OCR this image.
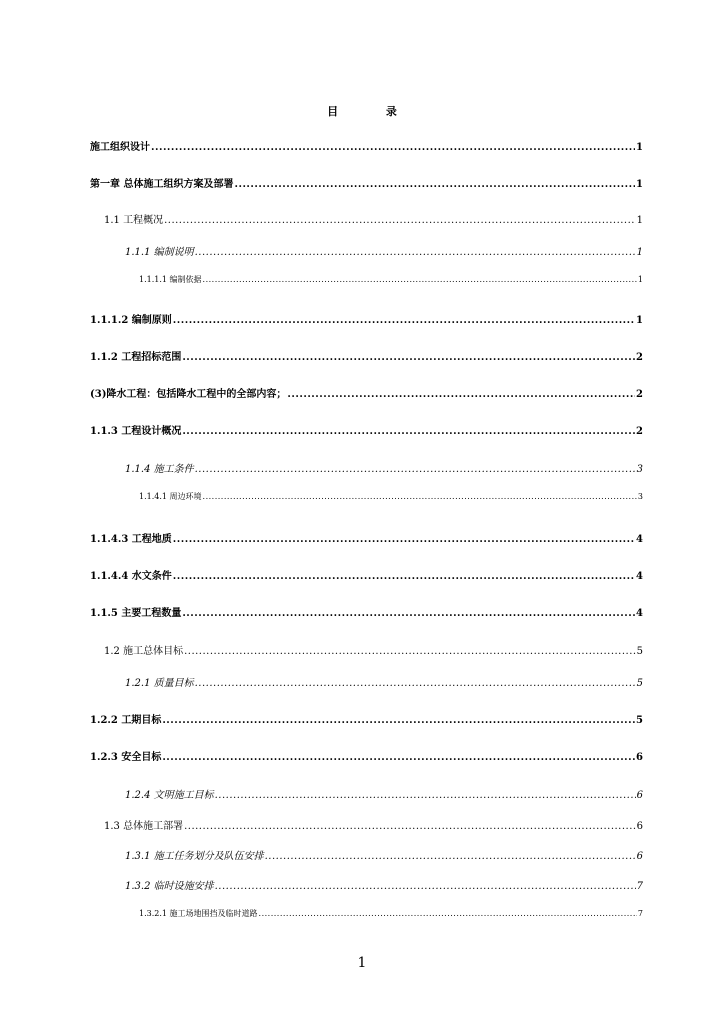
目 录
施工组织设计 .....	1
第一章 总体施工组织方案及部署 .....	1
1.1 工程概况 .....	1
1.1.1 编制说明 .....	1
1.1.1.1 编制依据 .....	1
1.1.1.2 编制原则 .....	1
1.1.2 工程招标范围 .....	2
(3)降水工程：包括降水工程中的全部内容； .....	2
1.1.3 工程设计概况 .....	2
1.1.4 施工条件 .....	3
1.1.4.1 周边环境 .....	3
1.1.4.3 工程地质 .....	4
1.1.4.4 水文条件 .....	4
1.1.5 主要工程数量 .....	4
1.2 施工总体目标 .....	5
1.2.1 质量目标 .....	5
1.2.2 工期目标 .....	5
1.2.3 安全目标 .....	6
1.2.4 文明施工目标 .....	6
1.3 总体施工部署 .....	6
1.3.1 施工任务划分及队伍安排 .....	6
1.3.2 临时设施安排 .....	7
1.3.2.1 施工场地围挡及临时道路 .....	7
1
